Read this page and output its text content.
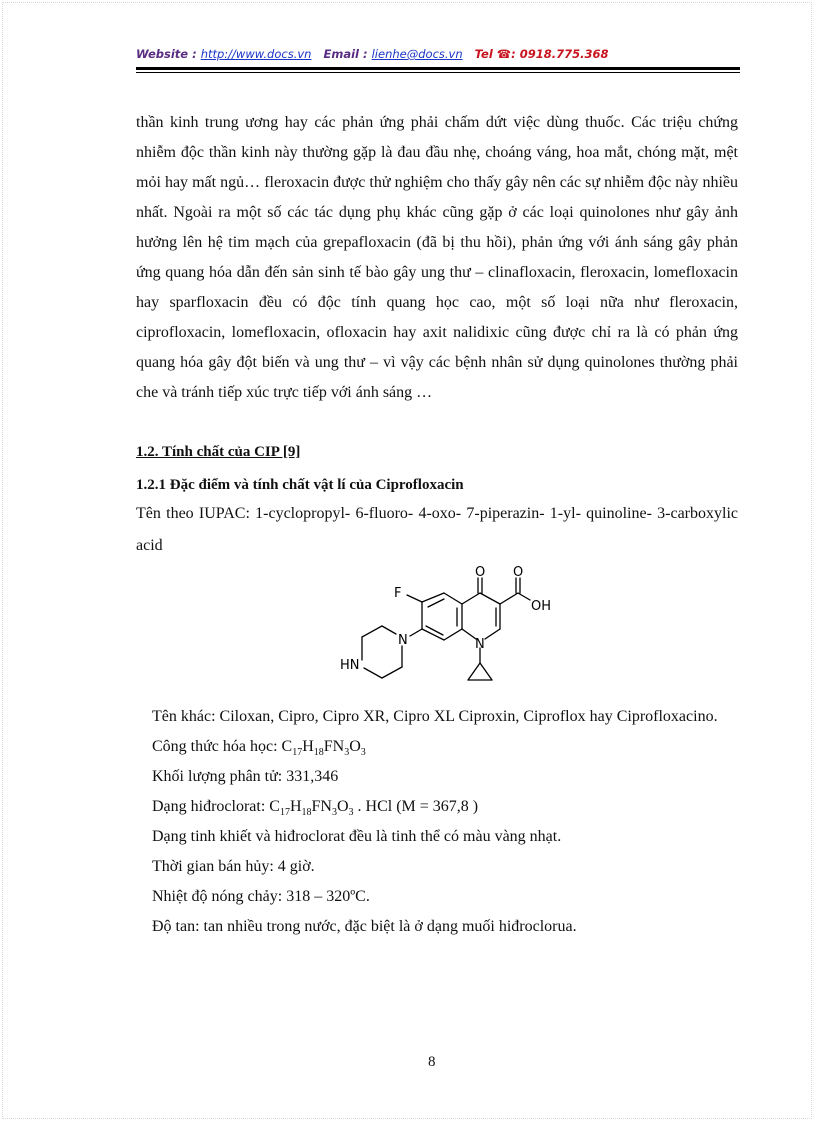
Website : http://www.docs.vn Email : lienhe@docs.vn Tel ☎: 0918.775.368

thần kinh trung ương hay các phản ứng phải chấm dứt việc dùng thuốc. Các triệu chứng nhiễm độc thần kinh này thường gặp là đau đầu nhẹ, choáng váng, hoa mắt, chóng mặt, mệt mỏi hay mất ngủ… fleroxacin được thử nghiệm cho thấy gây nên các sự nhiễm độc này nhiều nhất. Ngoài ra một số các tác dụng phụ khác cũng gặp ở các loại quinolones như gây ảnh hưởng lên hệ tim mạch của grepafloxacin (đã bị thu hồi), phản ứng với ánh sáng gây phản ứng quang hóa dẫn đến sản sinh tế bào gây ung thư – clinafloxacin, fleroxacin, lomefloxacin hay sparfloxacin đều có độc tính quang học cao, một số loại nữa như fleroxacin, ciprofloxacin, lomefloxacin, ofloxacin hay axit nalidixic cũng được chỉ ra là có phản ứng quang hóa gây đột biến và ung thư – vì vậy các bệnh nhân sử dụng quinolones thường phải che và tránh tiếp xúc trực tiếp với ánh sáng …

1.2. Tính chất của CIP [9]

1.2.1 Đặc điểm và tính chất vật lí của Ciprofloxacin

Tên theo IUPAC: 1-cyclopropyl- 6-fluoro- 4-oxo- 7-piperazin- 1-yl- quinoline- 3-carboxylic acid

F
O O
OH
N
N
HN
Tên khác: Ciloxan, Cipro, Cipro XR, Cipro XL Ciproxin, Ciproflox hay Ciprofloxacino.
Công thức hóa học: $C_{17}H_{18}FN_3O_3$
Khối lượng phân tử: 331,346
Dạng hiđroclorat: $C_{17}H_{18}FN_3O_3$ . HCl (M = 367,8 )
Dạng tinh khiết và hiđroclorat đều là tinh thể có màu vàng nhạt.
Thời gian bán hủy: 4 giờ.
Nhiệt độ nóng chảy: 318 – 320ºC.
Độ tan: tan nhiều trong nước, đặc biệt là ở dạng muối hiđroclorua.
8
